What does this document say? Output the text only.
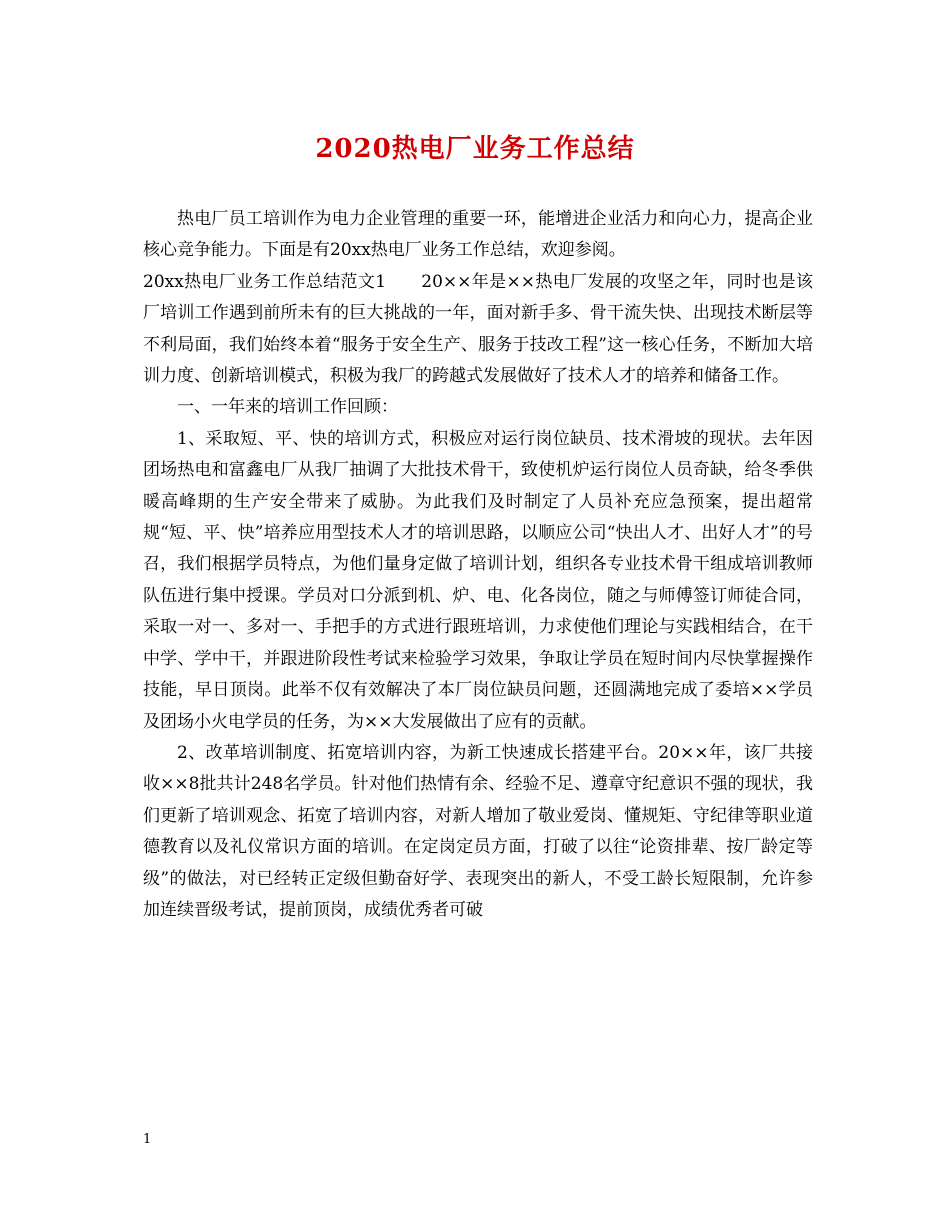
2020热电厂业务工作总结

热电厂员工培训作为电力企业管理的重要一环，能增进企业活力和向心力，提高企业核心竞争能力。下面是有20xx热电厂业务工作总结，欢迎参阅。

20xx热电厂业务工作总结范文1　　20××年是××热电厂发展的攻坚之年，同时也是该厂培训工作遇到前所未有的巨大挑战的一年，面对新手多、骨干流失快、出现技术断层等不利局面，我们始终本着“服务于安全生产、服务于技改工程”这一核心任务，不断加大培训力度、创新培训模式，积极为我厂的跨越式发展做好了技术人才的培养和储备工作。

一、一年来的培训工作回顾：

1、采取短、平、快的培训方式，积极应对运行岗位缺员、技术滑坡的现状。去年因团场热电和富鑫电厂从我厂抽调了大批技术骨干，致使机炉运行岗位人员奇缺，给冬季供暖高峰期的生产安全带来了威胁。为此我们及时制定了人员补充应急预案，提出超常规“短、平、快”培养应用型技术人才的培训思路，以顺应公司“快出人才、出好人才”的号召，我们根据学员特点，为他们量身定做了培训计划，组织各专业技术骨干组成培训教师队伍进行集中授课。学员对口分派到机、炉、电、化各岗位，随之与师傅签订师徒合同，采取一对一、多对一、手把手的方式进行跟班培训，力求使他们理论与实践相结合，在干中学、学中干，并跟进阶段性考试来检验学习效果，争取让学员在短时间内尽快掌握操作技能，早日顶岗。此举不仅有效解决了本厂岗位缺员问题，还圆满地完成了委培××学员及团场小火电学员的任务，为××大发展做出了应有的贡献。

2、改革培训制度、拓宽培训内容，为新工快速成长搭建平台。20××年，该厂共接收××8批共计248名学员。针对他们热情有余、经验不足、遵章守纪意识不强的现状，我们更新了培训观念、拓宽了培训内容，对新人增加了敬业爱岗、懂规矩、守纪律等职业道德教育以及礼仪常识方面的培训。在定岗定员方面，打破了以往“论资排辈、按厂龄定等级”的做法，对已经转正定级但勤奋好学、表现突出的新人，不受工龄长短限制，允许参加连续晋级考试，提前顶岗，成绩优秀者可破

1
